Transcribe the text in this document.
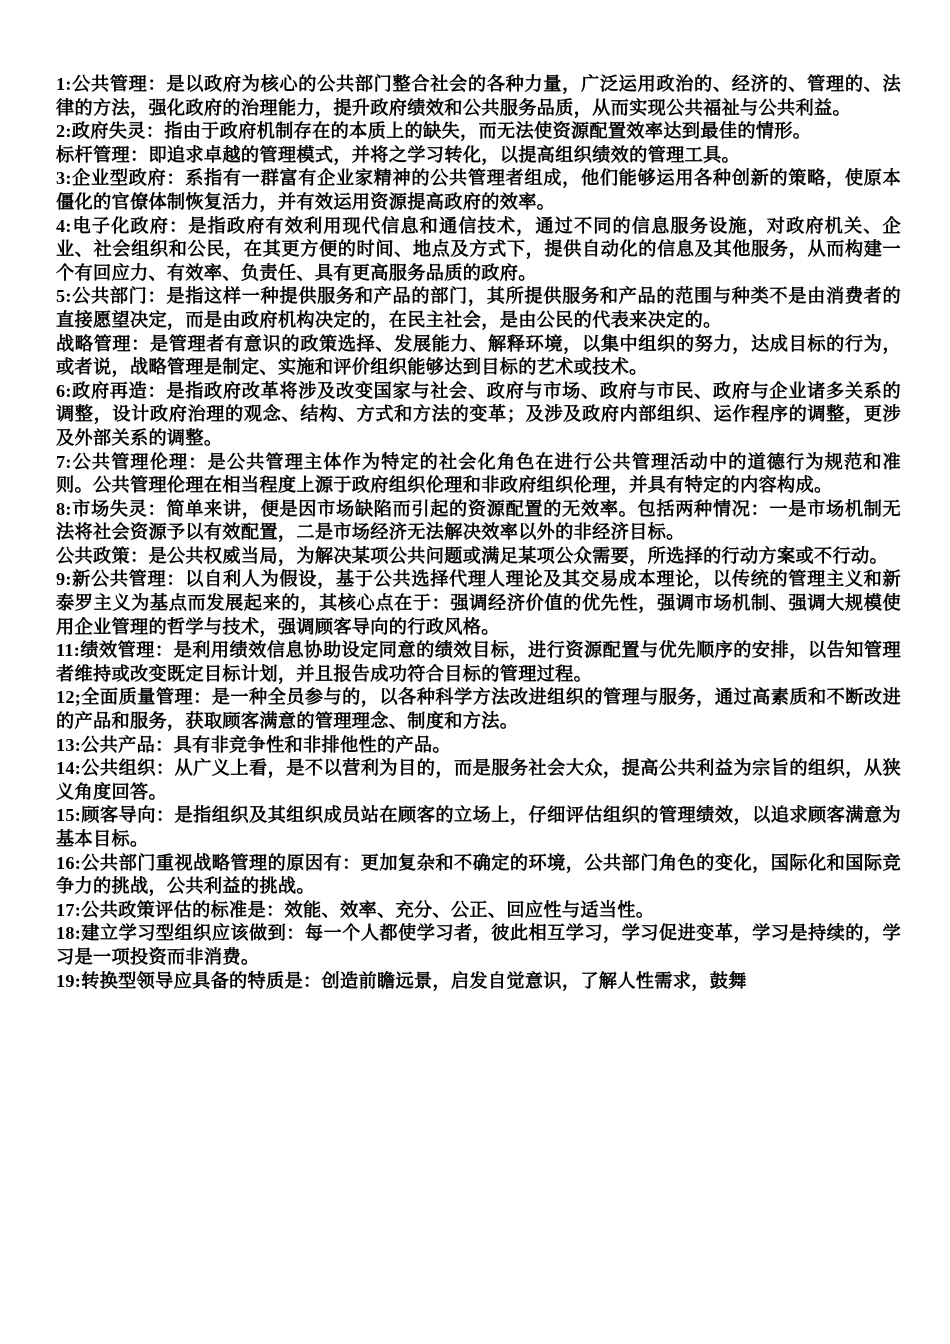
1:公共管理：是以政府为核心的公共部门整合社会的各种力量，广泛运用政治的、经济的、管理的、法律的方法，强化政府的治理能力，提升政府绩效和公共服务品质，从而实现公共福祉与公共利益。

2:政府失灵：指由于政府机制存在的本质上的缺失，而无法使资源配置效率达到最佳的情形。

标杆管理：即追求卓越的管理模式，并将之学习转化，以提高组织绩效的管理工具。

3:企业型政府：系指有一群富有企业家精神的公共管理者组成，他们能够运用各种创新的策略，使原本僵化的官僚体制恢复活力，并有效运用资源提高政府的效率。

4:电子化政府：是指政府有效利用现代信息和通信技术，通过不同的信息服务设施，对政府机关、企业、社会组织和公民，在其更方便的时间、地点及方式下，提供自动化的信息及其他服务，从而构建一个有回应力、有效率、负责任、具有更高服务品质的政府。

5:公共部门：是指这样一种提供服务和产品的部门，其所提供服务和产品的范围与种类不是由消费者的直接愿望决定，而是由政府机构决定的，在民主社会，是由公民的代表来决定的。

战略管理：是管理者有意识的政策选择、发展能力、解释环境，以集中组织的努力，达成目标的行为，或者说，战略管理是制定、实施和评价组织能够达到目标的艺术或技术。

6:政府再造：是指政府改革将涉及改变国家与社会、政府与市场、政府与市民、政府与企业诸多关系的调整，设计政府治理的观念、结构、方式和方法的变革；及涉及政府内部组织、运作程序的调整，更涉及外部关系的调整。

7:公共管理伦理：是公共管理主体作为特定的社会化角色在进行公共管理活动中的道德行为规范和准则。公共管理伦理在相当程度上源于政府组织伦理和非政府组织伦理，并具有特定的内容构成。

8:市场失灵：简单来讲，便是因市场缺陷而引起的资源配置的无效率。包括两种情况：一是市场机制无法将社会资源予以有效配置，二是市场经济无法解决效率以外的非经济目标。

公共政策：是公共权威当局，为解决某项公共问题或满足某项公众需要，所选择的行动方案或不行动。

9:新公共管理：以自利人为假设，基于公共选择代理人理论及其交易成本理论，以传统的管理主义和新泰罗主义为基点而发展起来的，其核心点在于：强调经济价值的优先性，强调市场机制、强调大规模使用企业管理的哲学与技术，强调顾客导向的行政风格。

11:绩效管理：是利用绩效信息协助设定同意的绩效目标，进行资源配置与优先顺序的安排，以告知管理者维持或改变既定目标计划，并且报告成功符合目标的管理过程。

12;全面质量管理：是一种全员参与的，以各种科学方法改进组织的管理与服务，通过高素质和不断改进的产品和服务，获取顾客满意的管理理念、制度和方法。

13:公共产品：具有非竞争性和非排他性的产品。

14:公共组织：从广义上看，是不以营利为目的，而是服务社会大众，提高公共利益为宗旨的组织，从狭义角度回答。

15:顾客导向：是指组织及其组织成员站在顾客的立场上，仔细评估组织的管理绩效，以追求顾客满意为基本目标。

16:公共部门重视战略管理的原因有：更加复杂和不确定的环境，公共部门角色的变化，国际化和国际竞争力的挑战，公共利益的挑战。

17:公共政策评估的标准是：效能、效率、充分、公正、回应性与适当性。

18:建立学习型组织应该做到：每一个人都使学习者，彼此相互学习，学习促进变革，学习是持续的，学习是一项投资而非消费。

19:转换型领导应具备的特质是：创造前瞻远景，启发自觉意识，了解人性需求，鼓舞
